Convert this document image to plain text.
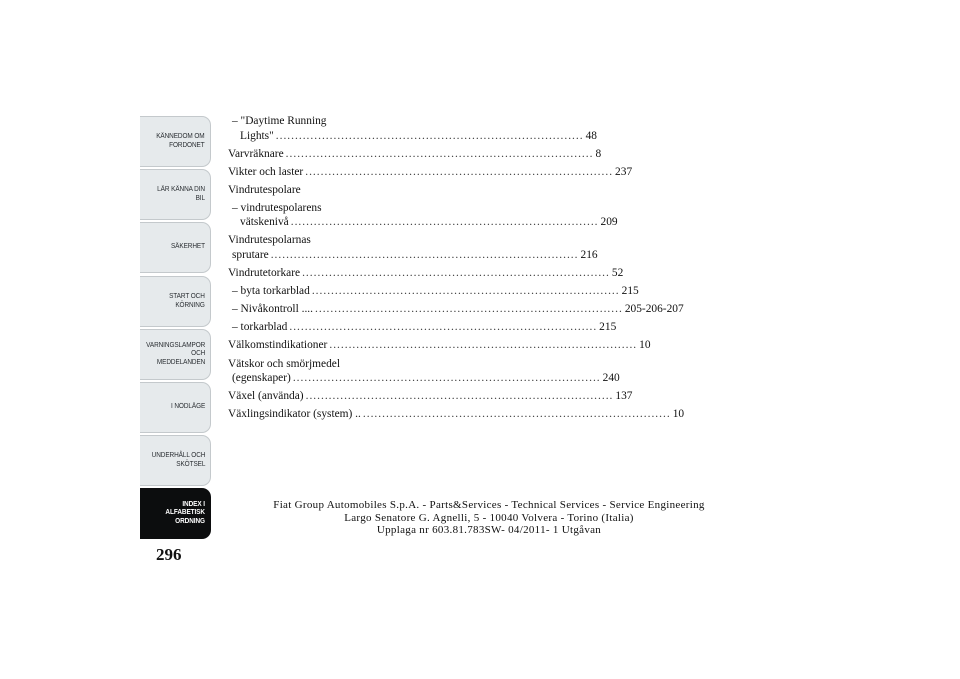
KÄNNEDOM OM
FORDONET
LÄR KÄNNA DIN
BIL
SÄKERHET
START OCH
KÖRNING
VARNINGSLAMPOR
OCH
MEDDELANDEN
I NÖDLÄGE
UNDERHÅLL OCH
SKÖTSEL
INDEX I
ALFABETISK
ORDNING
296
– "Daytime Running
Lights" ................................................................................ 48
Varvräknare ................................................................................ 8
Vikter och laster ................................................................................ 237
Vindrutespolare
– vindrutespolarens
vätskenivå ................................................................................ 209
Vindrutespolarnas
sprutare ................................................................................ 216
Vindrutetorkare ................................................................................ 52
– byta torkarblad ................................................................................ 215
– Nivåkontroll .... ................................................................................ 205-206-207
– torkarblad ................................................................................ 215
Välkomstindikationer ................................................................................ 10
Vätskor och smörjmedel
(egenskaper) ................................................................................ 240
Växel (använda) ................................................................................ 137
Växlingsindikator (system) .. ................................................................................ 10
Fiat Group Automobiles S.p.A. - Parts&Services - Technical Services - Service Engineering
Largo Senatore G. Agnelli, 5 - 10040 Volvera - Torino (Italia)
Upplaga nr 603.81.783SW- 04/2011- 1 Utgåvan
